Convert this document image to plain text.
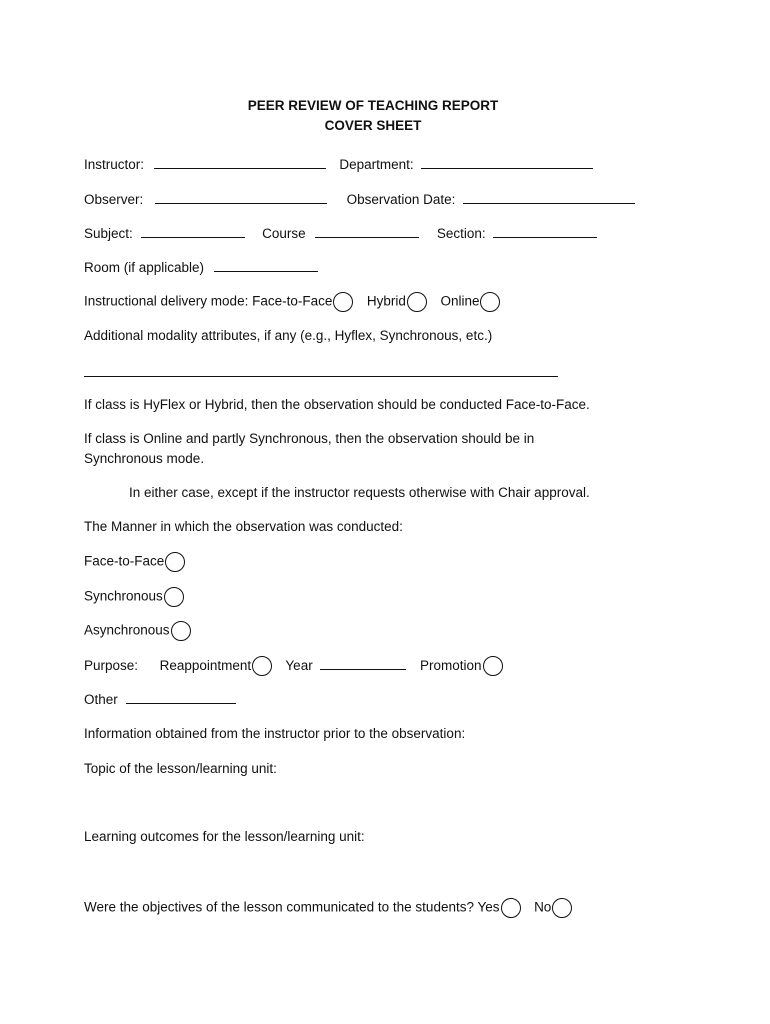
PEER REVIEW OF TEACHING REPORT
COVER SHEET
Instructor:	Department:
Observer:	Observation Date:
Subject:	Course	Section:
Room (if applicable)
Instructional delivery mode: Face-to-Face	Hybrid	Online
Additional modality attributes, if any (e.g., Hyflex, Synchronous, etc.)
If class is HyFlex or Hybrid, then the observation should be conducted Face-to-Face.
If class is Online and partly Synchronous, then the observation should be in
Synchronous mode.
In either case, except if the instructor requests otherwise with Chair approval.
The Manner in which the observation was conducted:
Face-to-Face
Synchronous
Asynchronous
Purpose: Reappointment	Year	Promotion
Other
Information obtained from the instructor prior to the observation:
Topic of the lesson/learning unit:
Learning outcomes for the lesson/learning unit:
Were the objectives of the lesson communicated to the students? Yes	No
